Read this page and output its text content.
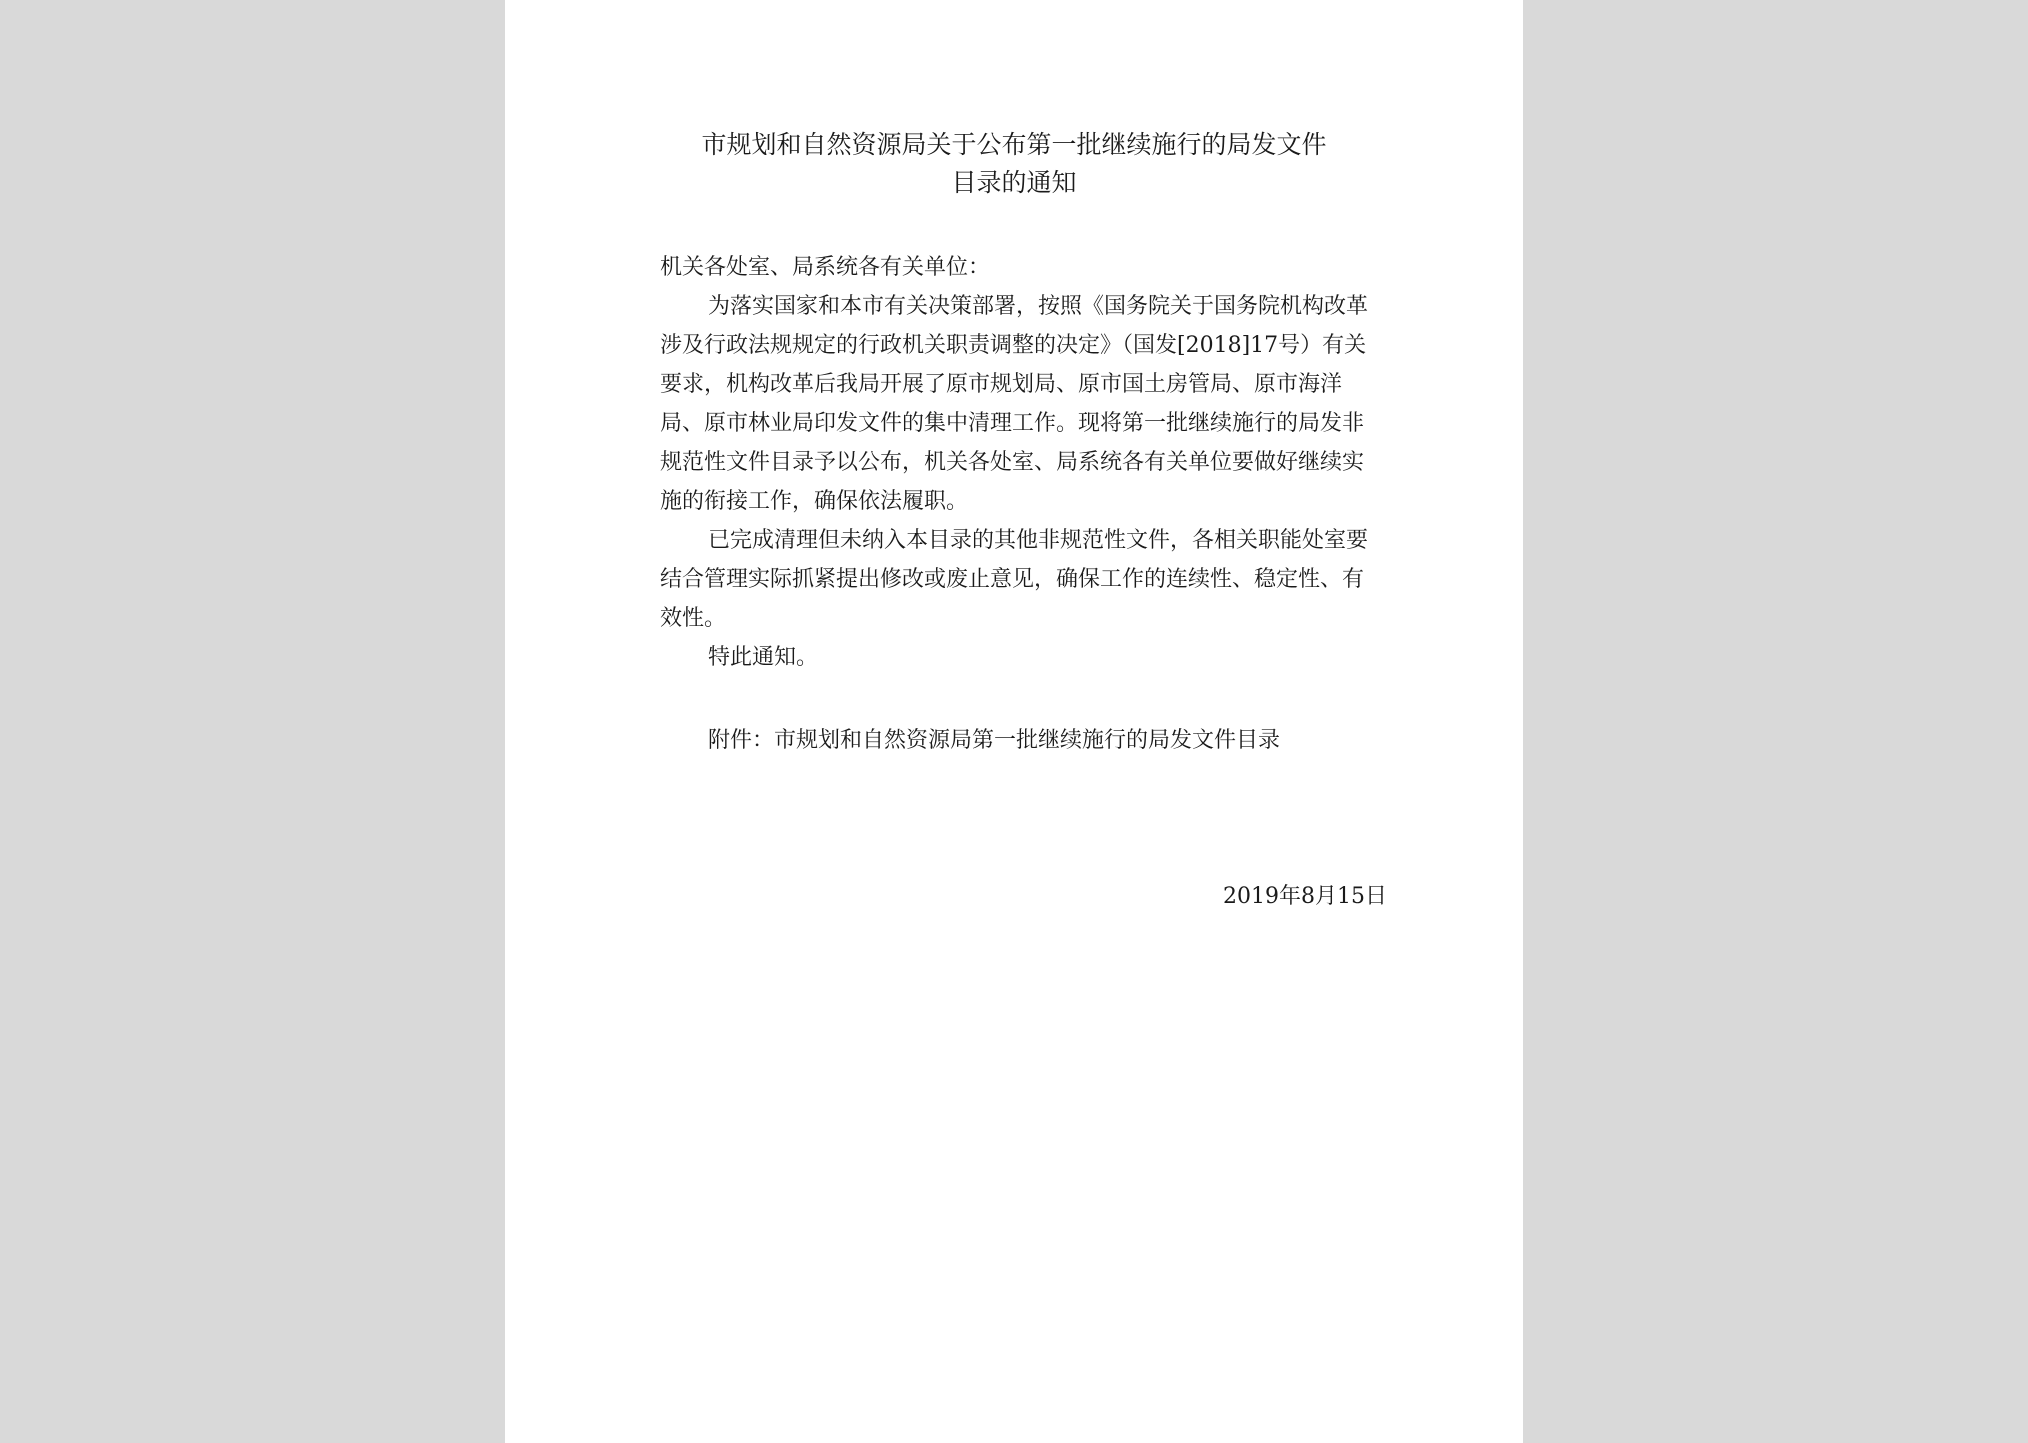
市规划和自然资源局关于公布第一批继续施行的局发文件
目录的通知

机关各处室、局系统各有关单位：

为落实国家和本市有关决策部署，按照《国务院关于国务院机构改革涉及行政法规规定的行政机关职责调整的决定》（国发[2018]17号）有关要求，机构改革后我局开展了原市规划局、原市国土房管局、原市海洋局、原市林业局印发文件的集中清理工作。现将第一批继续施行的局发非规范性文件目录予以公布，机关各处室、局系统各有关单位要做好继续实施的衔接工作，确保依法履职。

已完成清理但未纳入本目录的其他非规范性文件，各相关职能处室要结合管理实际抓紧提出修改或废止意见，确保工作的连续性、稳定性、有效性。

特此通知。

附件：市规划和自然资源局第一批继续施行的局发文件目录

2019年8月15日
